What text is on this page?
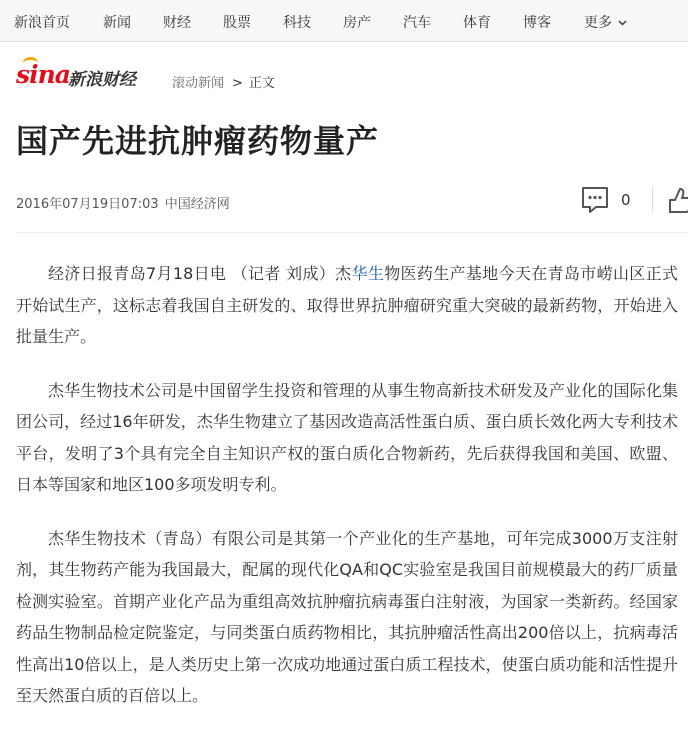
新浪首页 新闻 财经 股票 科技 房产 汽车 体育 博客 更多
sina
新浪财经	滚动新闻 > 正文
国产先进抗肿瘤药物量产
2016年07月19日07:03 中国经济网	0

经济日报青岛7月18日电 （记者 刘成）杰华生物医药生产基地今天在青岛市崂山区正式开始试生产，这标志着我国自主研发的、取得世界抗肿瘤研究重大突破的最新药物，开始进入批量生产。

杰华生物技术公司是中国留学生投资和管理的从事生物高新技术研发及产业化的国际化集团公司，经过16年研发，杰华生物建立了基因改造高活性蛋白质、蛋白质长效化两大专利技术平台，发明了3个具有完全自主知识产权的蛋白质化合物新药，先后获得我国和美国、欧盟、日本等国家和地区100多项发明专利。

杰华生物技术（青岛）有限公司是其第一个产业化的生产基地，可年完成3000万支注射剂，其生物药产能为我国最大，配属的现代化QA和QC实验室是我国目前规模最大的药厂质量检测实验室。首期产业化产品为重组高效抗肿瘤抗病毒蛋白注射液，为国家一类新药。经国家药品生物制品检定院鉴定，与同类蛋白质药物相比，其抗肿瘤活性高出200倍以上，抗病毒活性高出10倍以上，是人类历史上第一次成功地通过蛋白质工程技术，使蛋白质功能和活性提升至天然蛋白质的百倍以上。
